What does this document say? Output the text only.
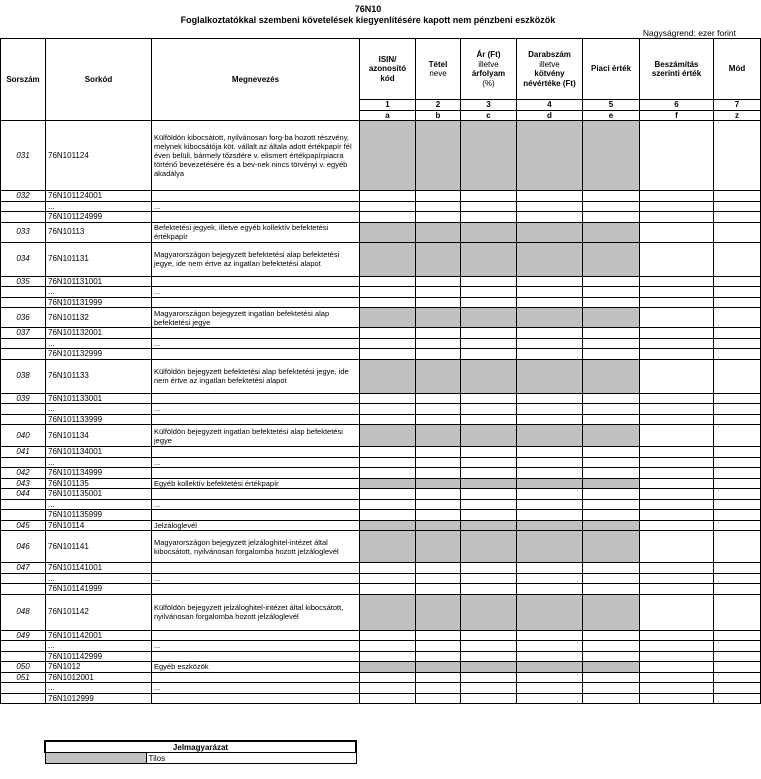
76N10
Foglalkoztatókkal szembeni követelések kiegyenlítésére kapott nem pénzbeni eszközök
Nagyságrend: ezer forint
Sorszám	Sorkód	Megnevezés	ISIN/ azonosító kód	Tétel
neve	Ár (Ft)
illetve
árfolyam
(%)	Darabszám
illetve
kötvény névértéke (Ft)	Piaci érték	Beszámítás szerinti érték	Mód
			1	2	3	4	5	6	7
			a	b	c	d	e	f	z
031	76N101124	Külföldön kibocsátott, nyilvánosan forg-ba hozott részvény, melynek kibocsátója köt. vállalt az általa adott értékpapír fél éven belüli, bármely tőzsdére v. elismert értékpapírpiacra történő bevezetésére és a bev-nek nincs törvényi v. egyéb akadálya							
032	76N101124001								
	...	...							
	76N101124999								
033	76N10113	Befektetési jegyek, illetve egyéb kollektív befektetési értékpapír							
034	76N101131	Magyarországon bejegyzett befektetési alap befektetési jegye, ide nem értve az ingatlan befektetési alapot							
035	76N101131001								
	...	...							
	76N101131999								
036	76N101132	Magyarországon bejegyzett ingatlan befektetési alap befektetési jegye							
037	76N101132001								
	...	...							
	76N101132999								
038	76N101133	Külföldön bejegyzett befektetési alap befektetési jegye, ide nem értve az ingatlan befektetési alapot							
039	76N101133001								
	...	...							
	76N101133999								
040	76N101134	Külföldön bejegyzett ingatlan befektetési alap befektetési jegye							
041	76N101134001								
	...	...							
042	76N101134999								
043	76N101135	Egyéb kollektív befektetési értékpapír							
044	76N101135001								
	...	...							
	76N101135999								
045	76N10114	Jelzáloglevél							
046	76N101141	Magyarországon bejegyzett jelzáloghitel-intézet által kibocsátott, nyilvánosan forgalomba hozott jelzáloglevél							
047	76N101141001								
	...	...							
	76N101141999								
048	76N101142	Külföldön bejegyzett jelzáloghitel-intézet által kibocsátott, nyilvánosan forgalomba hozott jelzáloglevél							
049	76N101142001								
	...	...							
	76N101142999								
050	76N1012	Egyéb eszközök							
051	76N1012001								
	...	...							
	76N1012999								
Jelmagyarázat
	Tilos
